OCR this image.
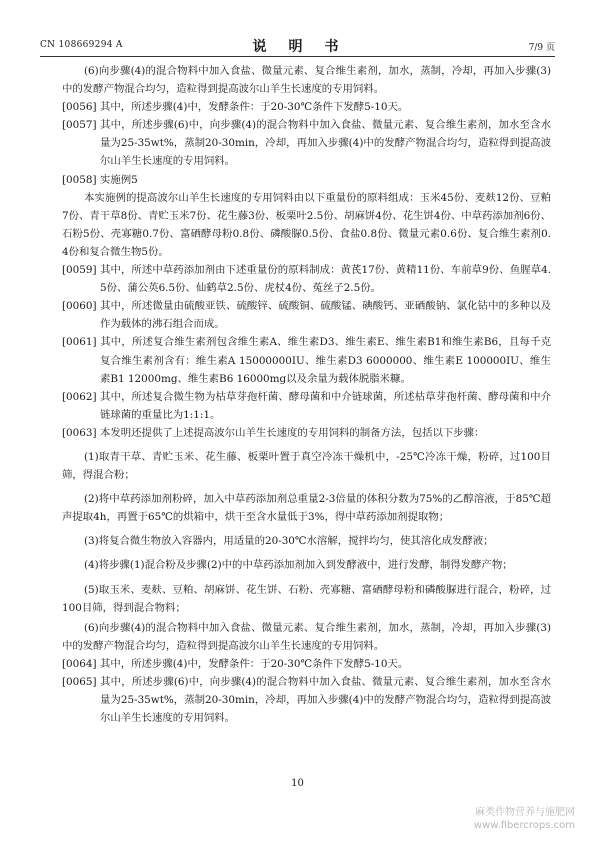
CN 108669294 A	说　明　书	7/9 页

(6)向步骤(4)的混合物料中加入食盐、微量元素、复合维生素剂，加水，蒸制，冷却，再加入步骤(3)中的发酵产物混合均匀，造粒得到提高波尔山羊生长速度的专用饲料。

[0056] 其中，所述步骤(4)中，发酵条件：于20-30℃条件下发酵5-10天。

[0057] 其中，所述步骤(6)中，向步骤(4)的混合物料中加入食盐、微量元素、复合维生素剂，加水至含水量为25-35wt%，蒸制20-30min，冷却，再加入步骤(4)中的发酵产物混合均匀，造粒得到提高波尔山羊生长速度的专用饲料。

[0058] 实施例5

本实施例的提高波尔山羊生长速度的专用饲料由以下重量份的原料组成：玉米45份、麦麸12份、豆粕7份、青干草8份、青贮玉米7份、花生藤3份、板栗叶2.5份、胡麻饼4份、花生饼4份、中草药添加剂6份、石粉5份、壳寡糖0.7份、富硒酵母粉0.8份、磷酸脲0.5份、食盐0.8份、微量元素0.6份、复合维生素剂0.4份和复合微生物5份。

[0059] 其中，所述中草药添加剂由下述重量份的原料制成：黄芪17份、黄精11份、车前草9份、鱼腥草4.5份、蒲公英6.5份、仙鹤草2.5份、虎杖4份、菟丝子2.5份。

[0060] 其中，所述微量由硫酸亚铁、硫酸锌、硫酸铜、硫酸锰、碘酸钙、亚硒酸钠、氯化钴中的多种以及作为载体的沸石组合而成。

[0061] 其中，所述复合维生素剂包含维生素A、维生素D3、维生素E、维生素B1和维生素B6，且每千克复合维生素剂含有：维生素A 15000000IU、维生素D3 6000000、维生素E 100000IU、维生素B1 12000mg、维生素B6 16000mg以及余量为载体脱脂米糠。

[0062] 其中，所述复合微生物为枯草芽孢杆菌、酵母菌和中介链球菌，所述枯草芽孢杆菌、酵母菌和中介链球菌的重量比为1:1:1。

[0063] 本发明还提供了上述提高波尔山羊生长速度的专用饲料的制备方法，包括以下步骤：

(1)取青干草、青贮玉米、花生藤、板栗叶置于真空冷冻干燥机中，-25℃冷冻干燥，粉碎，过100目筛，得混合粉；

(2)将中草药添加剂粉碎，加入中草药添加剂总重量2-3倍量的体积分数为75%的乙醇溶液，于85℃超声提取4h，再置于65℃的烘箱中，烘干至含水量低于3%，得中草药添加剂提取物；

(3)将复合微生物放入容器内，用适量的20-30℃水溶解，搅拌均匀，使其溶化成发酵液；

(4)将步骤(1)混合粉及步骤(2)中的中草药添加剂加入到发酵液中，进行发酵，制得发酵产物；

(5)取玉米、麦麸、豆粕、胡麻饼、花生饼、石粉、壳寡糖、富硒酵母粉和磷酸脲进行混合，粉碎，过100目筛，得到混合物料；

(6)向步骤(4)的混合物料中加入食盐、微量元素、复合维生素剂，加水，蒸制，冷却，再加入步骤(3)中的发酵产物混合均匀，造粒得到提高波尔山羊生长速度的专用饲料。

[0064] 其中，所述步骤(4)中，发酵条件：于20-30℃条件下发酵5-10天。

[0065] 其中，所述步骤(6)中，向步骤(4)的混合物料中加入食盐、微量元素、复合维生素剂，加水至含水量为25-35wt%，蒸制20-30min，冷却，再加入步骤(4)中的发酵产物混合均匀，造粒得到提高波尔山羊生长速度的专用饲料。

10
麻类作物营养与施肥网
www.fibercrops.com
